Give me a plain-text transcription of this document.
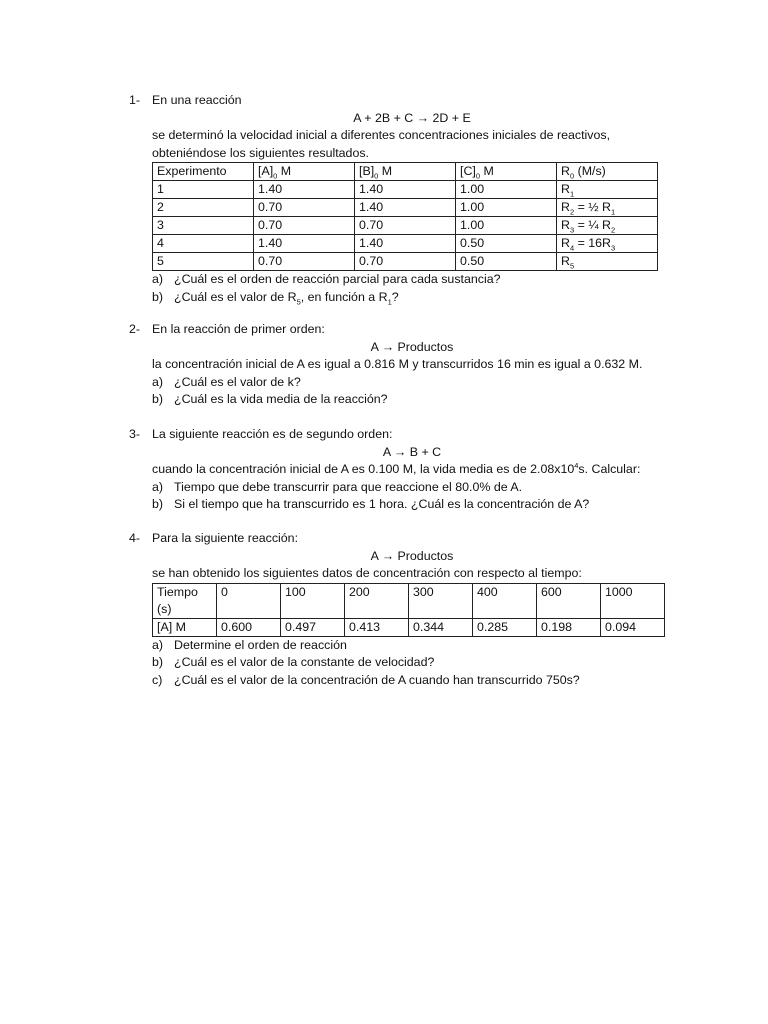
1- En una reacción
A + 2B + C → 2D + E
se determinó la velocidad inicial a diferentes concentraciones iniciales de reactivos,
obteniéndose los siguientes resultados.
Experimento	$[A]_0$ M	$[B]_0$ M	$[C]_0$ M	$R_0$ (M/s)
1	1.40	1.40	1.00	$R_1$
2	0.70	1.40	1.00	$R_2$ = ½ $R_1$
3	0.70	0.70	1.00	$R_3$ = ¼ $R_2$
4	1.40	1.40	0.50	$R_4 = 16R_3$
5	0.70	0.70	0.50	$R_5$
a) ¿Cuál es el orden de reacción parcial para cada sustancia?
b) ¿Cuál es el valor de $R_5$, en función a $R_1$?
2- En la reacción de primer orden:
A → Productos
la concentración inicial de A es igual a 0.816 M y transcurridos 16 min es igual a 0.632 M.
a) ¿Cuál es el valor de k?
b) ¿Cuál es la vida media de la reacción?
3- La siguiente reacción es de segundo orden:
A → B + C
cuando la concentración inicial de A es 0.100 M, la vida media es de $2.08x10^4s$. Calcular:
a) Tiempo que debe transcurrir para que reaccione el 80.0% de A.
b) Si el tiempo que ha transcurrido es 1 hora. ¿Cuál es la concentración de A?
4- Para la siguiente reacción:
A → Productos
se han obtenido los siguientes datos de concentración con respecto al tiempo:
Tiempo (s)	0	100	200	300	400	600	1000
[A] M	0.600	0.497	0.413	0.344	0.285	0.198	0.094
a) Determine el orden de reacción
b) ¿Cuál es el valor de la constante de velocidad?
c) ¿Cuál es el valor de la concentración de A cuando han transcurrido 750s?
